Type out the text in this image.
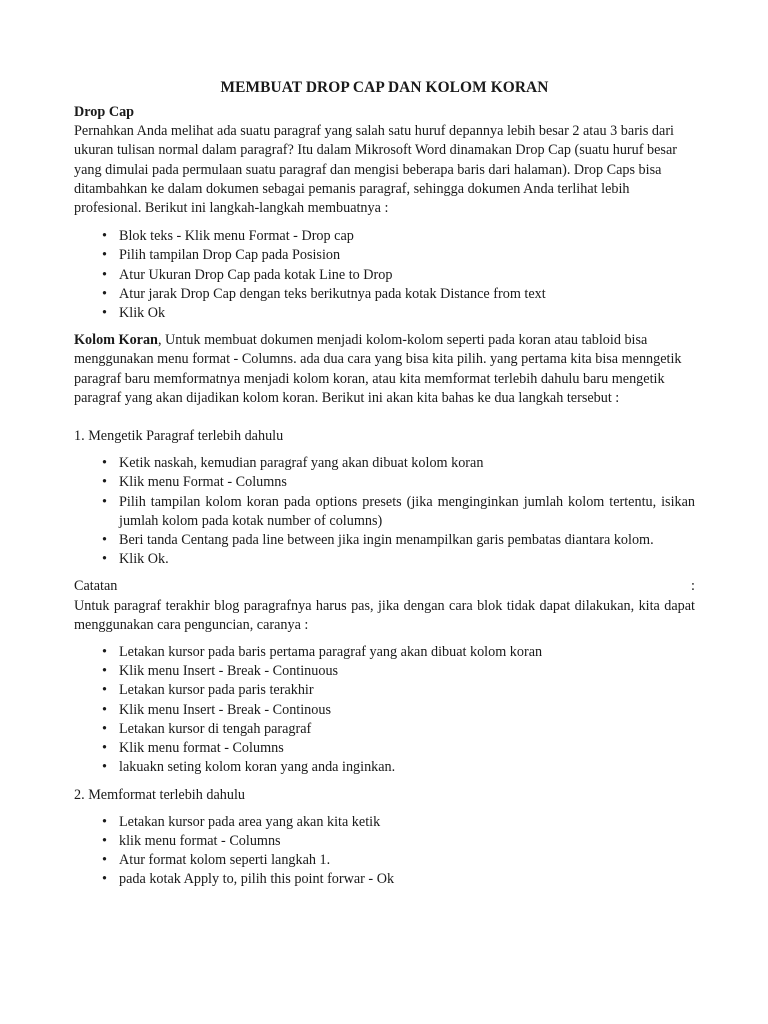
MEMBUAT DROP CAP DAN KOLOM KORAN
Drop Cap

Pernahkan Anda melihat ada suatu paragraf yang salah satu huruf depannya lebih besar 2 atau 3 baris dari ukuran tulisan normal dalam paragraf? Itu dalam Mikrosoft Word dinamakan Drop Cap (suatu huruf besar yang dimulai pada permulaan suatu paragraf dan mengisi beberapa baris dari halaman). Drop Caps bisa ditambahkan ke dalam dokumen sebagai pemanis paragraf, sehingga dokumen Anda terlihat lebih profesional. Berikut ini langkah-langkah membuatnya :

• Blok teks - Klik menu Format - Drop cap
• Pilih tampilan Drop Cap pada Posision
• Atur Ukuran Drop Cap pada kotak Line to Drop
• Atur jarak Drop Cap dengan teks berikutnya pada kotak Distance from text
• Klik Ok

Kolom Koran, Untuk membuat dokumen menjadi kolom-kolom seperti pada koran atau tabloid bisa menggunakan menu format - Columns. ada dua cara yang bisa kita pilih. yang pertama kita bisa menngetik paragraf baru memformatnya menjadi kolom koran, atau kita memformat terlebih dahulu baru mengetik paragraf yang akan dijadikan kolom koran. Berikut ini akan kita bahas ke dua langkah tersebut :

1. Mengetik Paragraf terlebih dahulu

• Ketik naskah, kemudian paragraf yang akan dibuat kolom koran
• Klik menu Format - Columns
• Pilih tampilan kolom koran pada options presets (jika menginginkan jumlah kolom tertentu, isikan jumlah kolom pada kotak number of columns)
• Beri tanda Centang pada line between jika ingin menampilkan garis pembatas diantara kolom.
• Klik Ok.
Catatan	:

Untuk paragraf terakhir blog paragrafnya harus pas, jika dengan cara blok tidak dapat dilakukan, kita dapat menggunakan cara penguncian, caranya :

• Letakan kursor pada baris pertama paragraf yang akan dibuat kolom koran
• Klik menu Insert - Break - Continuous
• Letakan kursor pada paris terakhir
• Klik menu Insert - Break - Continous
• Letakan kursor di tengah paragraf
• Klik menu format - Columns
• lakuakn seting kolom koran yang anda inginkan.

2. Memformat terlebih dahulu

• Letakan kursor pada area yang akan kita ketik
• klik menu format - Columns
• Atur format kolom seperti langkah 1.
• pada kotak Apply to, pilih this point forwar - Ok
